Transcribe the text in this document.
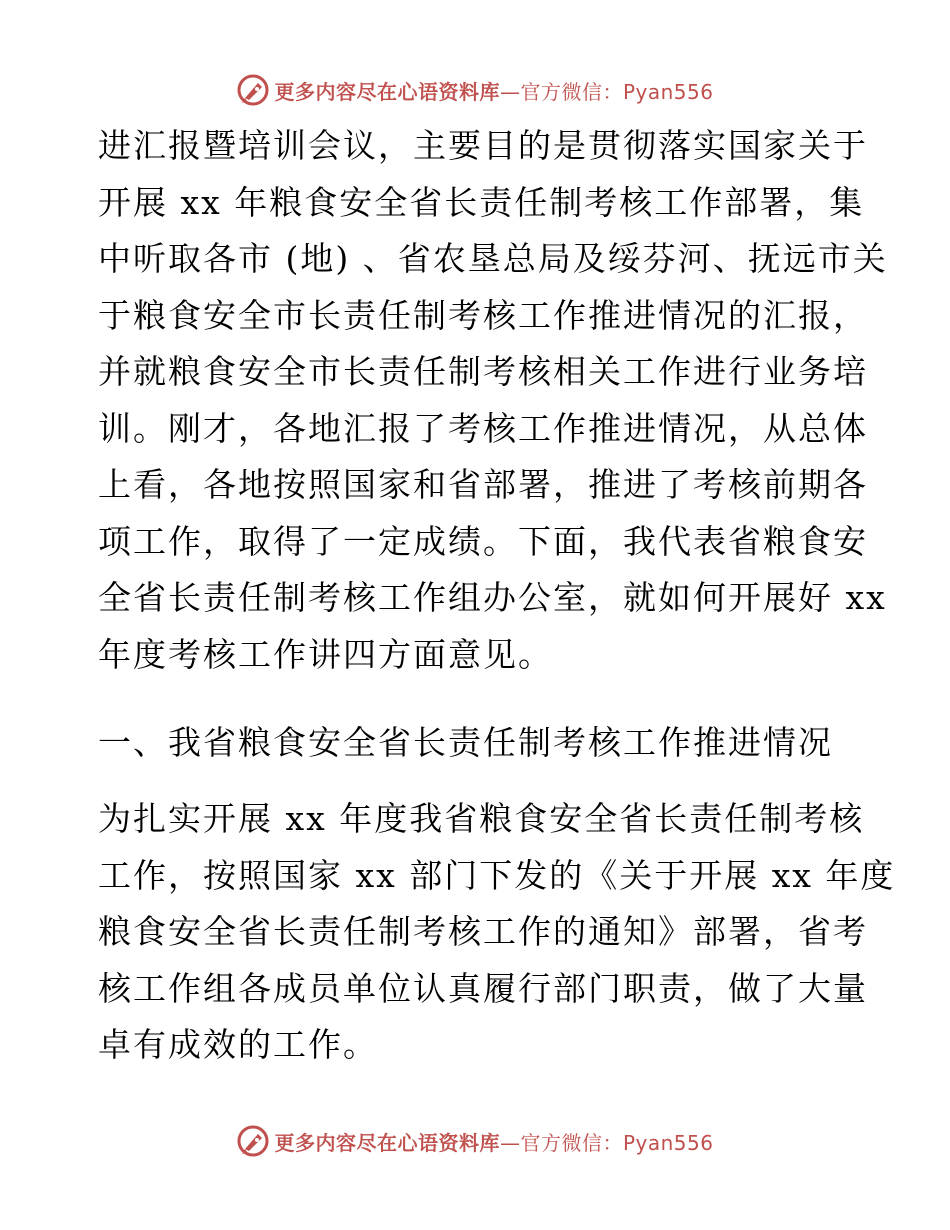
更多内容尽在心语资料库 —官方微信：Pyan556
进汇报暨培训会议，主要目的是贯彻落实国家关于
开展 xx 年粮食安全省长责任制考核工作部署，集
中听取各市 (地) 、省农垦总局及绥芬河、抚远市关
于粮食安全市长责任制考核工作推进情况的汇报，
并就粮食安全市长责任制考核相关工作进行业务培
训。刚才，各地汇报了考核工作推进情况，从总体
上看，各地按照国家和省部署，推进了考核前期各
项工作，取得了一定成绩。下面，我代表省粮食安
全省长责任制考核工作组办公室，就如何开展好 xx
年度考核工作讲四方面意见。
一、我省粮食安全省长责任制考核工作推进情况
为扎实开展 xx 年度我省粮食安全省长责任制考核
工作，按照国家 xx 部门下发的《关于开展 xx 年度
粮食安全省长责任制考核工作的通知》部署，省考
核工作组各成员单位认真履行部门职责，做了大量
卓有成效的工作。
更多内容尽在心语资料库 —官方微信：Pyan556
